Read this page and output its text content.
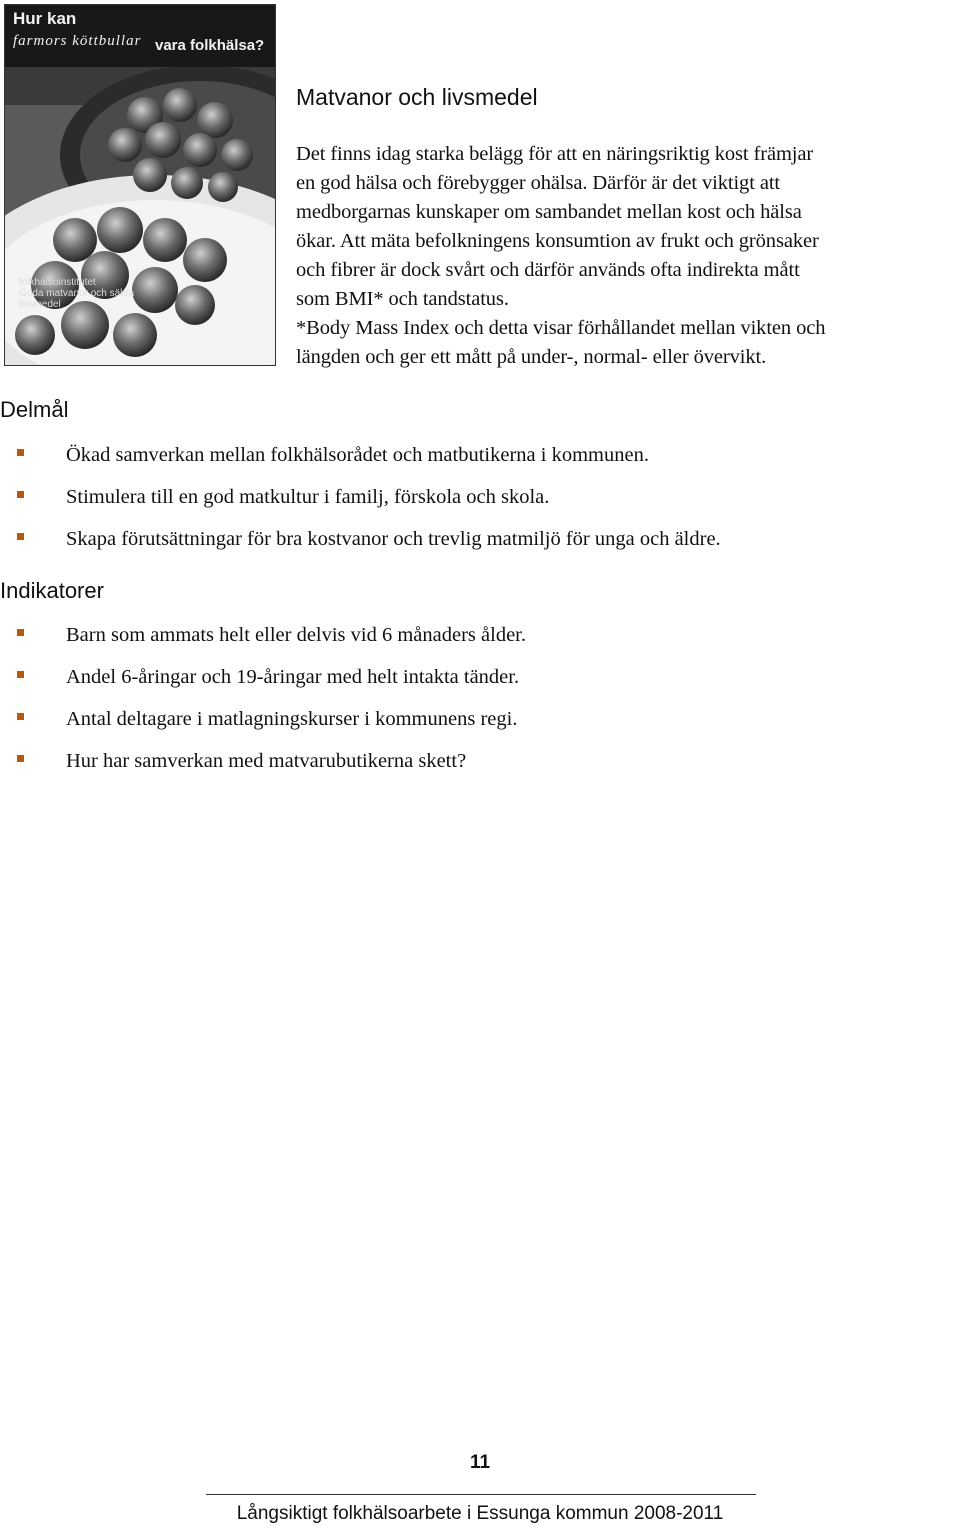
Hur kan
farmors köttbullar vara folkhälsa?
folkhälsoinstitutet
Goda matvanor och säkra
livsmedel
Matvanor och livsmedel

Det finns idag starka belägg för att en näringsriktig kost främjar
en god hälsa och förebygger ohälsa. Därför är det viktigt att
medborgarnas kunskaper om sambandet mellan kost och hälsa
ökar. Att mäta befolkningens konsumtion av frukt och grönsaker
och fibrer är dock svårt och därför används ofta indirekta mått
som BMI* och tandstatus.
*Body Mass Index och detta visar förhållandet mellan vikten och
längden och ger ett mått på under-, normal- eller övervikt.

Delmål
Ökad samverkan mellan folkhälsorådet och matbutikerna i kommunen.
Stimulera till en god matkultur i familj, förskola och skola.
Skapa förutsättningar för bra kostvanor och trevlig matmiljö för unga och äldre.
Indikatorer
Barn som ammats helt eller delvis vid 6 månaders ålder.
Andel 6-åringar och 19-åringar med helt intakta tänder.
Antal deltagare i matlagningskurser i kommunens regi.
Hur har samverkan med matvarubutikerna skett?
11
Långsiktigt folkhälsoarbete i Essunga kommun 2008-2011
